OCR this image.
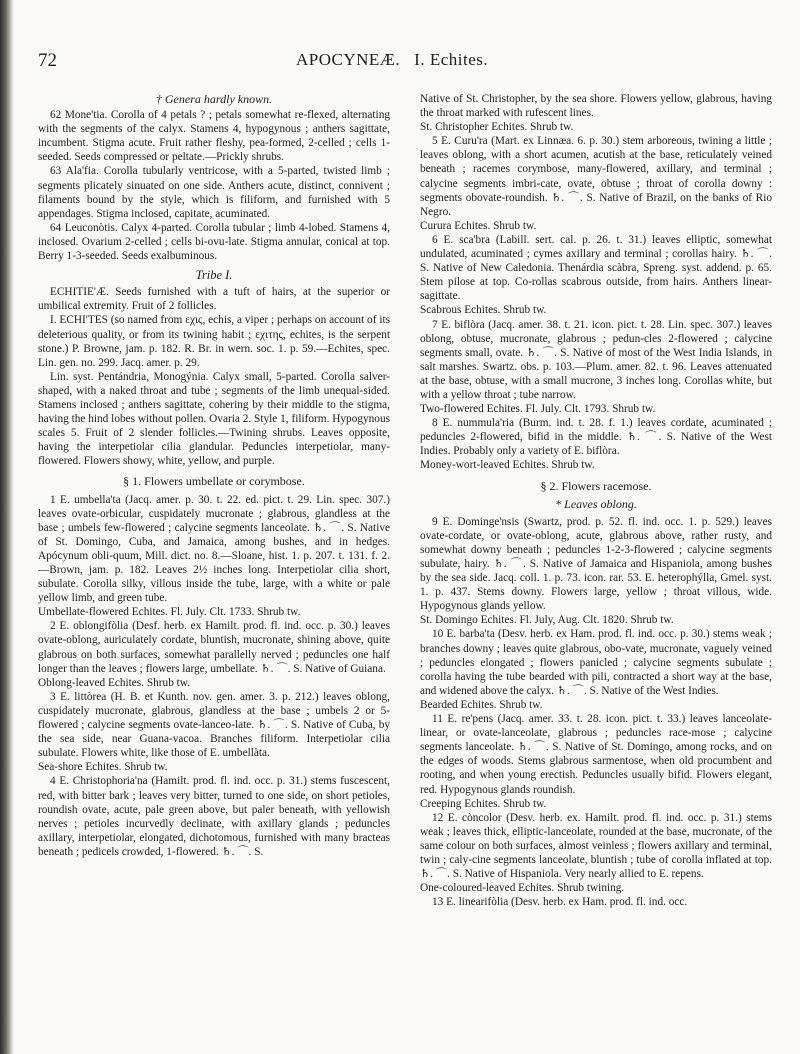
72	APOCYNEÆ. I. Echites.
† Genera hardly known.

62 Mone'tia. Corolla of 4 petals ? ; petals somewhat re-flexed, alternating with the segments of the calyx. Stamens 4, hypogynous ; anthers sagittate, incumbent. Stigma acute. Fruit rather fleshy, pea-formed, 2-celled ; cells 1-seeded. Seeds compressed or peltate.—Prickly shrubs.

63 Ala'fia. Corolla tubularly ventricose, with a 5-parted, twisted limb ; segments plicately sinuated on one side. Anthers acute, distinct, connivent ; filaments bound by the style, which is filiform, and furnished with 5 appendages. Stigma inclosed, capitate, acuminated.

64 Leuconòtis. Calyx 4-parted. Corolla tubular ; limb 4-lobed. Stamens 4, inclosed. Ovarium 2-celled ; cells bi-ovu-late. Stigma annular, conical at top. Berry 1-3-seeded. Seeds exalbuminous.

Tribe I.

ECHITIE'Æ. Seeds furnished with a tuft of hairs, at the superior or umbilical extremity. Fruit of 2 follicles.

I. ECHI'TES (so named from εχις, echis, a viper ; perhaps on account of its deleterious quality, or from its twining habit ; εχιτης, echites, is the serpent stone.) P. Browne, jam. p. 182. R. Br. in wern. soc. 1. p. 59.—Echites, spec. Lin. gen. no. 299. Jacq. amer. p. 29.

Lin. syst. Pentándria, Monogýnia. Calyx small, 5-parted. Corolla salver-shaped, with a naked throat and tube ; segments of the limb unequal-sided. Stamens inclosed ; anthers sagittate, cohering by their middle to the stigma, having the hind lobes without pollen. Ovaria 2. Style 1, filiform. Hypogynous scales 5. Fruit of 2 slender follicles.—Twining shrubs. Leaves opposite, having the interpetiolar cilia glandular. Peduncles interpetiolar, many-flowered. Flowers showy, white, yellow, and purple.

§ 1. Flowers umbellate or corymbose.

1 E. umbella'ta (Jacq. amer. p. 30. t. 22. ed. pict. t. 29. Lin. spec. 307.) leaves ovate-orbicular, cuspidately mucronate ; glabrous, glandless at the base ; umbels few-flowered ; calycine segments lanceolate. ♄. ⌒. S. Native of St. Domingo, Cuba, and Jamaica, among bushes, and in hedges. Apócynum obli-quum, Mill. dict. no. 8.—Sloane, hist. 1. p. 207. t. 131. f. 2. —Brown, jam. p. 182. Leaves 2½ inches long. Interpetiolar cilia short, subulate. Corolla silky, villous inside the tube, large, with a white or pale yellow limb, and green tube.

Umbellate-flowered Echites. Fl. July. Clt. 1733. Shrub tw.

2 E. oblongifòlia (Desf. herb. ex Hamilt. prod. fl. ind. occ. p. 30.) leaves ovate-oblong, auriculately cordate, bluntish, mucronate, shining above, quite glabrous on both surfaces, somewhat parallelly nerved ; peduncles one half longer than the leaves ; flowers large, umbellate. ♄. ⌒. S. Native of Guiana.

Oblong-leaved Echites. Shrub tw.

3 E. littòrea (H. B. et Kunth. nov. gen. amer. 3. p. 212.) leaves oblong, cuspidately mucronate, glabrous, glandless at the base ; umbels 2 or 5-flowered ; calycine segments ovate-lanceo-late. ♄. ⌒. S. Native of Cuba, by the sea side, near Guana-vacoa. Branches filiform. Interpetiolar cilia subulate. Flowers white, like those of E. umbellàta.

Sea-shore Echites. Shrub tw.

4 E. Christophoria'na (Hamilt. prod. fl. ind. occ. p. 31.) stems fuscescent, red, with bitter bark ; leaves very bitter, turned to one side, on short petioles, roundish ovate, acute, pale green above, but paler beneath, with yellowish nerves ; petioles incurvedly declinate, with axillary glands ; peduncles axillary, interpetiolar, elongated, dichotomous, furnished with many bracteas beneath ; pedicels crowded, 1-flowered. ♄. ⌒. S.

Native of St. Christopher, by the sea shore. Flowers yellow, glabrous, having the throat marked with rufescent lines.

St. Christopher Echites. Shrub tw.

5 E. Curu'ra (Mart. ex Linnæa. 6. p. 30.) stem arboreous, twining a little ; leaves oblong, with a short acumen, acutish at the base, reticulately veined beneath ; racemes corymbose, many-flowered, axillary, and terminal ; calycine segments imbri-cate, ovate, obtuse ; throat of corolla downy : segments obovate-roundish. ♄. ⌒. S. Native of Brazil, on the banks of Rio Negro.

Curura Echites. Shrub tw.

6 E. sca'bra (Labill. sert. cal. p. 26. t. 31.) leaves elliptic, somewhat undulated, acuminated ; cymes axillary and terminal ; corollas hairy. ♄. ⌒. S. Native of New Caledonia. Thenárdia scàbra, Spreng. syst. addend. p. 65. Stem pilose at top. Co-rollas scabrous outside, from hairs. Anthers linear-sagittate.

Scabrous Echites. Shrub tw.

7 E. biflòra (Jacq. amer. 38. t. 21. icon. pict. t. 28. Lin. spec. 307.) leaves oblong, obtuse, mucronate, glabrous ; pedun-cles 2-flowered ; calycine segments small, ovate. ♄. ⌒. S. Native of most of the West India Islands, in salt marshes. Swartz. obs. p. 103.—Plum. amer. 82. t. 96. Leaves attenuated at the base, obtuse, with a small mucrone, 3 inches long. Corollas white, but with a yellow throat ; tube narrow.

Two-flowered Echites. Fl. July. Clt. 1793. Shrub tw.

8 E. nummula'ria (Burm. ind. t. 28. f. 1.) leaves cordate, acuminated ; peduncles 2-flowered, bifid in the middle. ♄. ⌒. S. Native of the West Indies. Probably only a variety of E. biflòra.

Money-wort-leaved Echites. Shrub tw.

§ 2. Flowers racemose.
* Leaves oblong.

9 E. Dominge'nsis (Swartz, prod. p. 52. fl. ind. occ. 1. p. 529.) leaves ovate-cordate, or ovate-oblong, acute, glabrous above, rather rusty, and somewhat downy beneath ; peduncles 1-2-3-flowered ; calycine segments subulate, hairy. ♄. ⌒. S. Native of Jamaica and Hispaniola, among bushes by the sea side. Jacq. coll. 1. p. 73. icon. rar. 53. E. heterophýlla, Gmel. syst. 1. p. 437. Stems downy. Flowers large, yellow ; throat villous, wide. Hypogynous glands yellow.

St. Domingo Echites. Fl. July, Aug. Clt. 1820. Shrub tw.

10 E. barba'ta (Desv. herb. ex Ham. prod. fl. ind. occ. p. 30.) stems weak ; branches downy ; leaves quite glabrous, obo-vate, mucronate, vaguely veined ; peduncles elongated ; flowers panicled ; calycine segments subulate ; corolla having the tube bearded with pili, contracted a short way at the base, and widened above the calyx. ♄. ⌒. S. Native of the West Indies.

Bearded Echites. Shrub tw.

11 E. re'pens (Jacq. amer. 33. t. 28. icon. pict. t. 33.) leaves lanceolate-linear, or ovate-lanceolate, glabrous ; peduncles race-mose ; calycine segments lanceolate. ♄. ⌒. S. Native of St. Domingo, among rocks, and on the edges of woods. Stems glabrous sarmentose, when old procumbent and rooting, and when young erectish. Peduncles usually bifid. Flowers elegant, red. Hypogynous glands roundish.

Creeping Echites. Shrub tw.

12 E. còncolor (Desv. herb. ex. Hamilt. prod. fl. ind. occ. p. 31.) stems weak ; leaves thick, elliptic-lanceolate, rounded at the base, mucronate, of the same colour on both surfaces, almost veinless ; flowers axillary and terminal, twin ; caly-cine segments lanceolate, bluntish ; tube of corolla inflated at top. ♄. ⌒. S. Native of Hispaniola. Very nearly allied to E. repens.

One-coloured-leaved Echites. Shrub twining.

13 E. linearifòlia (Desv. herb. ex Ham. prod. fl. ind. occ.
